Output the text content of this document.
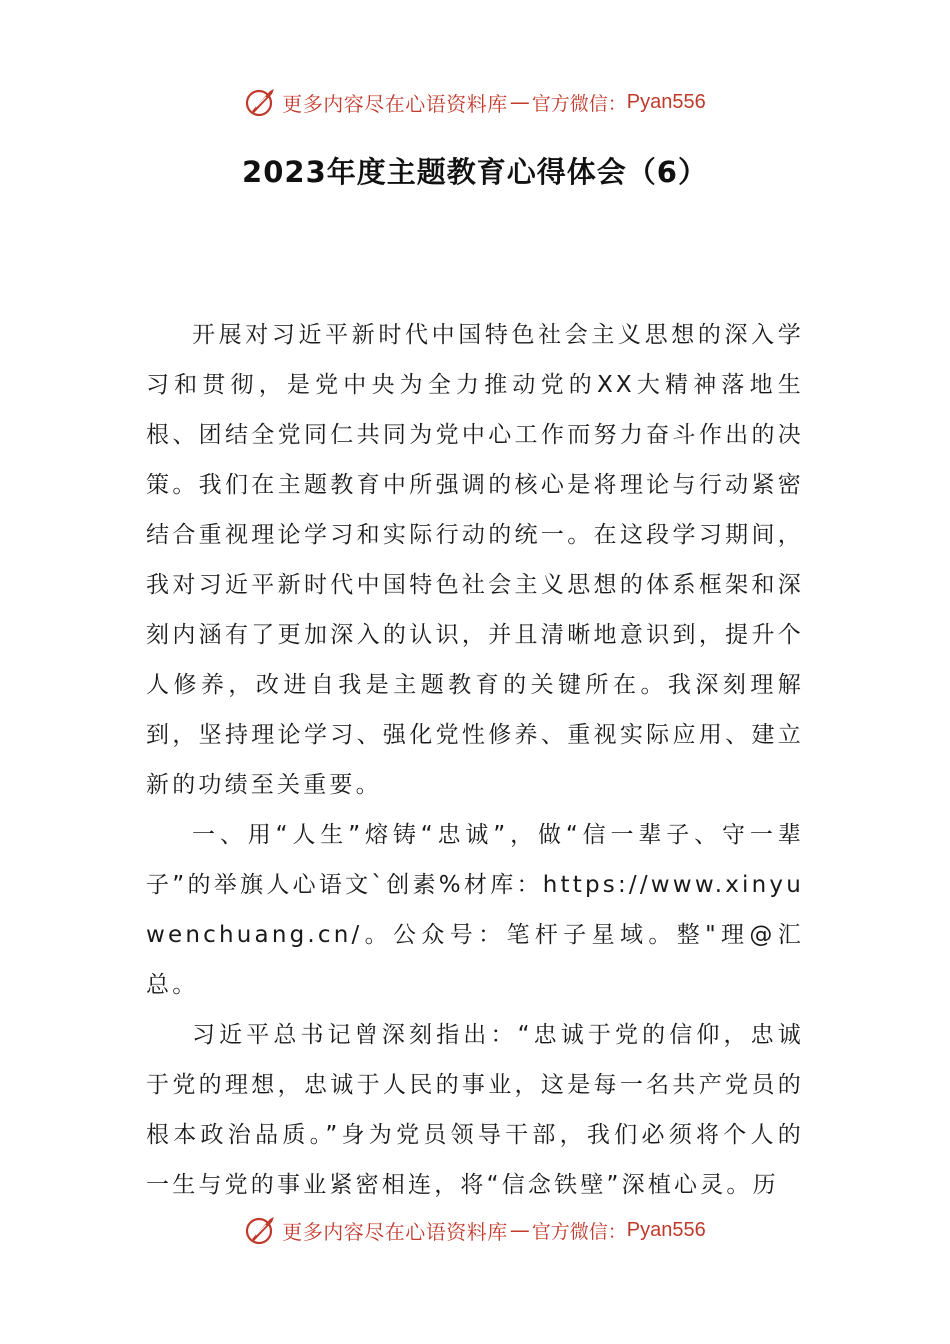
更多内容尽在心语资料库 — 官方微信： Pyan556
2023年度主题教育心得体会（6）

开展对习近平新时代中国特色社会主义思想的深入学习和贯彻，是党中央为全力推动党的XX大精神落地生根、团结全党同仁共同为党中心工作而努力奋斗作出的决策。我们在主题教育中所强调的核心是将理论与行动紧密结合重视理论学习和实际行动的统一。在这段学习期间，我对习近平新时代中国特色社会主义思想的体系框架和深刻内涵有了更加深入的认识，并且清晰地意识到，提升个人修养，改进自我是主题教育的关键所在。我深刻理解到，坚持理论学习、强化党性修养、重视实际应用、建立新的功绩至关重要。

一、用“人生”熔铸“忠诚”，做“信一辈子、守一辈子”的举旗人心语文`创素%材库：https://www.xinyuwenchuang.cn/。公众号：笔杆子星域。整"理@汇总。

习近平总书记曾深刻指出：“忠诚于党的信仰，忠诚于党的理想，忠诚于人民的事业，这是每一名共产党员的根本政治品质。”身为党员领导干部，我们必须将个人的一生与党的事业紧密相连，将“信念铁壁”深植心灵。历

更多内容尽在心语资料库 — 官方微信： Pyan556
